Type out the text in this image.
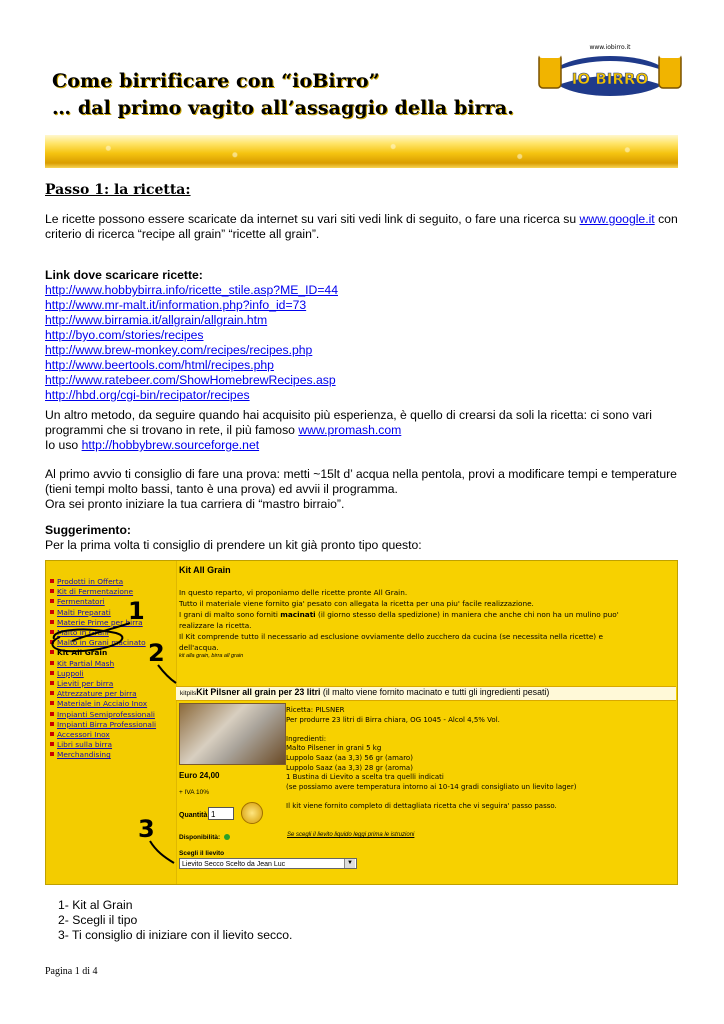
Come birrificare con “ioBirro”
… dal primo vagito all’assaggio della birra.
www.iobirro.it
IO BIRRO
Passo 1: la ricetta:
Le ricette possono essere scaricate da internet su vari siti vedi link di seguito, o fare una ricerca su www.google.it con
criterio di ricerca “recipe all grain” “ricette all grain”.
Link dove scaricare ricette:
http://www.hobbybirra.info/ricette_stile.asp?ME_ID=44
http://www.mr-malt.it/information.php?info_id=73
http://www.birramia.it/allgrain/allgrain.htm
http://byo.com/stories/recipes
http://www.brew-monkey.com/recipes/recipes.php
http://www.beertools.com/html/recipes.php
http://www.ratebeer.com/ShowHomebrewRecipes.asp
http://hbd.org/cgi-bin/recipator/recipes
Un altro metodo, da seguire quando hai acquisito più esperienza, è quello di crearsi da soli la ricetta: ci sono vari
programmi che si trovano in rete, il più famoso www.promash.com
Io uso http://hobbybrew.sourceforge.net
Al primo avvio ti consiglio di fare una prova: metti ~15lt d’ acqua nella pentola, provi a modificare tempi e temperature
(tieni tempi molto bassi, tanto è una prova) ed avvii il programma.
Ora sei pronto iniziare la tua carriera di “mastro birraio”.
Suggerimento:
Per la prima volta ti consiglio di prendere un kit già pronto tipo questo:
Prodotti in Offerta
Kit di Fermentazione
Fermentatori
Malti Preparati
Materie Prime per birra
Malto in Grani
Malto in Grani macinato
Kit All Grain
Kit Partial Mash
Luppoli
Lieviti per birra
Attrezzature per birra
Materiale in Acciaio Inox
Impianti Semiprofessionali
Impianti Birra Professionali
Accessori Inox
Libri sulla birra
Merchandising
Kit All Grain
In questo reparto, vi proponiamo delle ricette pronte All Grain.
Tutto il materiale viene fornito gia' pesato con allegata la ricetta per una piu' facile realizzazione.
I grani di malto sono forniti macinati (il giorno stesso della spedizione) in maniera che anche chi non ha un mulino puo'
realizzare la ricetta.
Il Kit comprende tutto il necessario ad esclusione ovviamente dello zucchero da cucina (se necessita nella ricette) e
dell'acqua.
kit alla grain, birra all grain
kitpilsKit Pilsner all grain per 23 litri (il malto viene fornito macinato e tutti gli ingredienti pesati)
Ricetta: PILSNER
Per produrre 23 litri di Birra chiara, OG 1045 - Alcol 4,5% Vol.
Ingredienti:
Malto Pilsener in grani 5 kg
Luppolo Saaz (aa 3,3) 56 gr (amaro)
Luppolo Saaz (aa 3,3) 28 gr (aroma)
1 Bustina di Lievito a scelta tra quelli indicati
(se possiamo avere temperatura intorno ai 10-14 gradi consigliato un lievito lager)
Il kit viene fornito completo di dettagliata ricetta che vi seguira' passo passo.
Euro 24,00
+ IVA 10%
Quantità 1
Disponibilità:	Se scegli il lievito liquido leggi prima le istruzioni
Scegli il lievito
Lievito Secco Scelto da Jean Luc	▼
1
2
3
1- Kit al Grain
2- Scegli il tipo
3- Ti consiglio di iniziare con il lievito secco.
Pagina 1 di 4
